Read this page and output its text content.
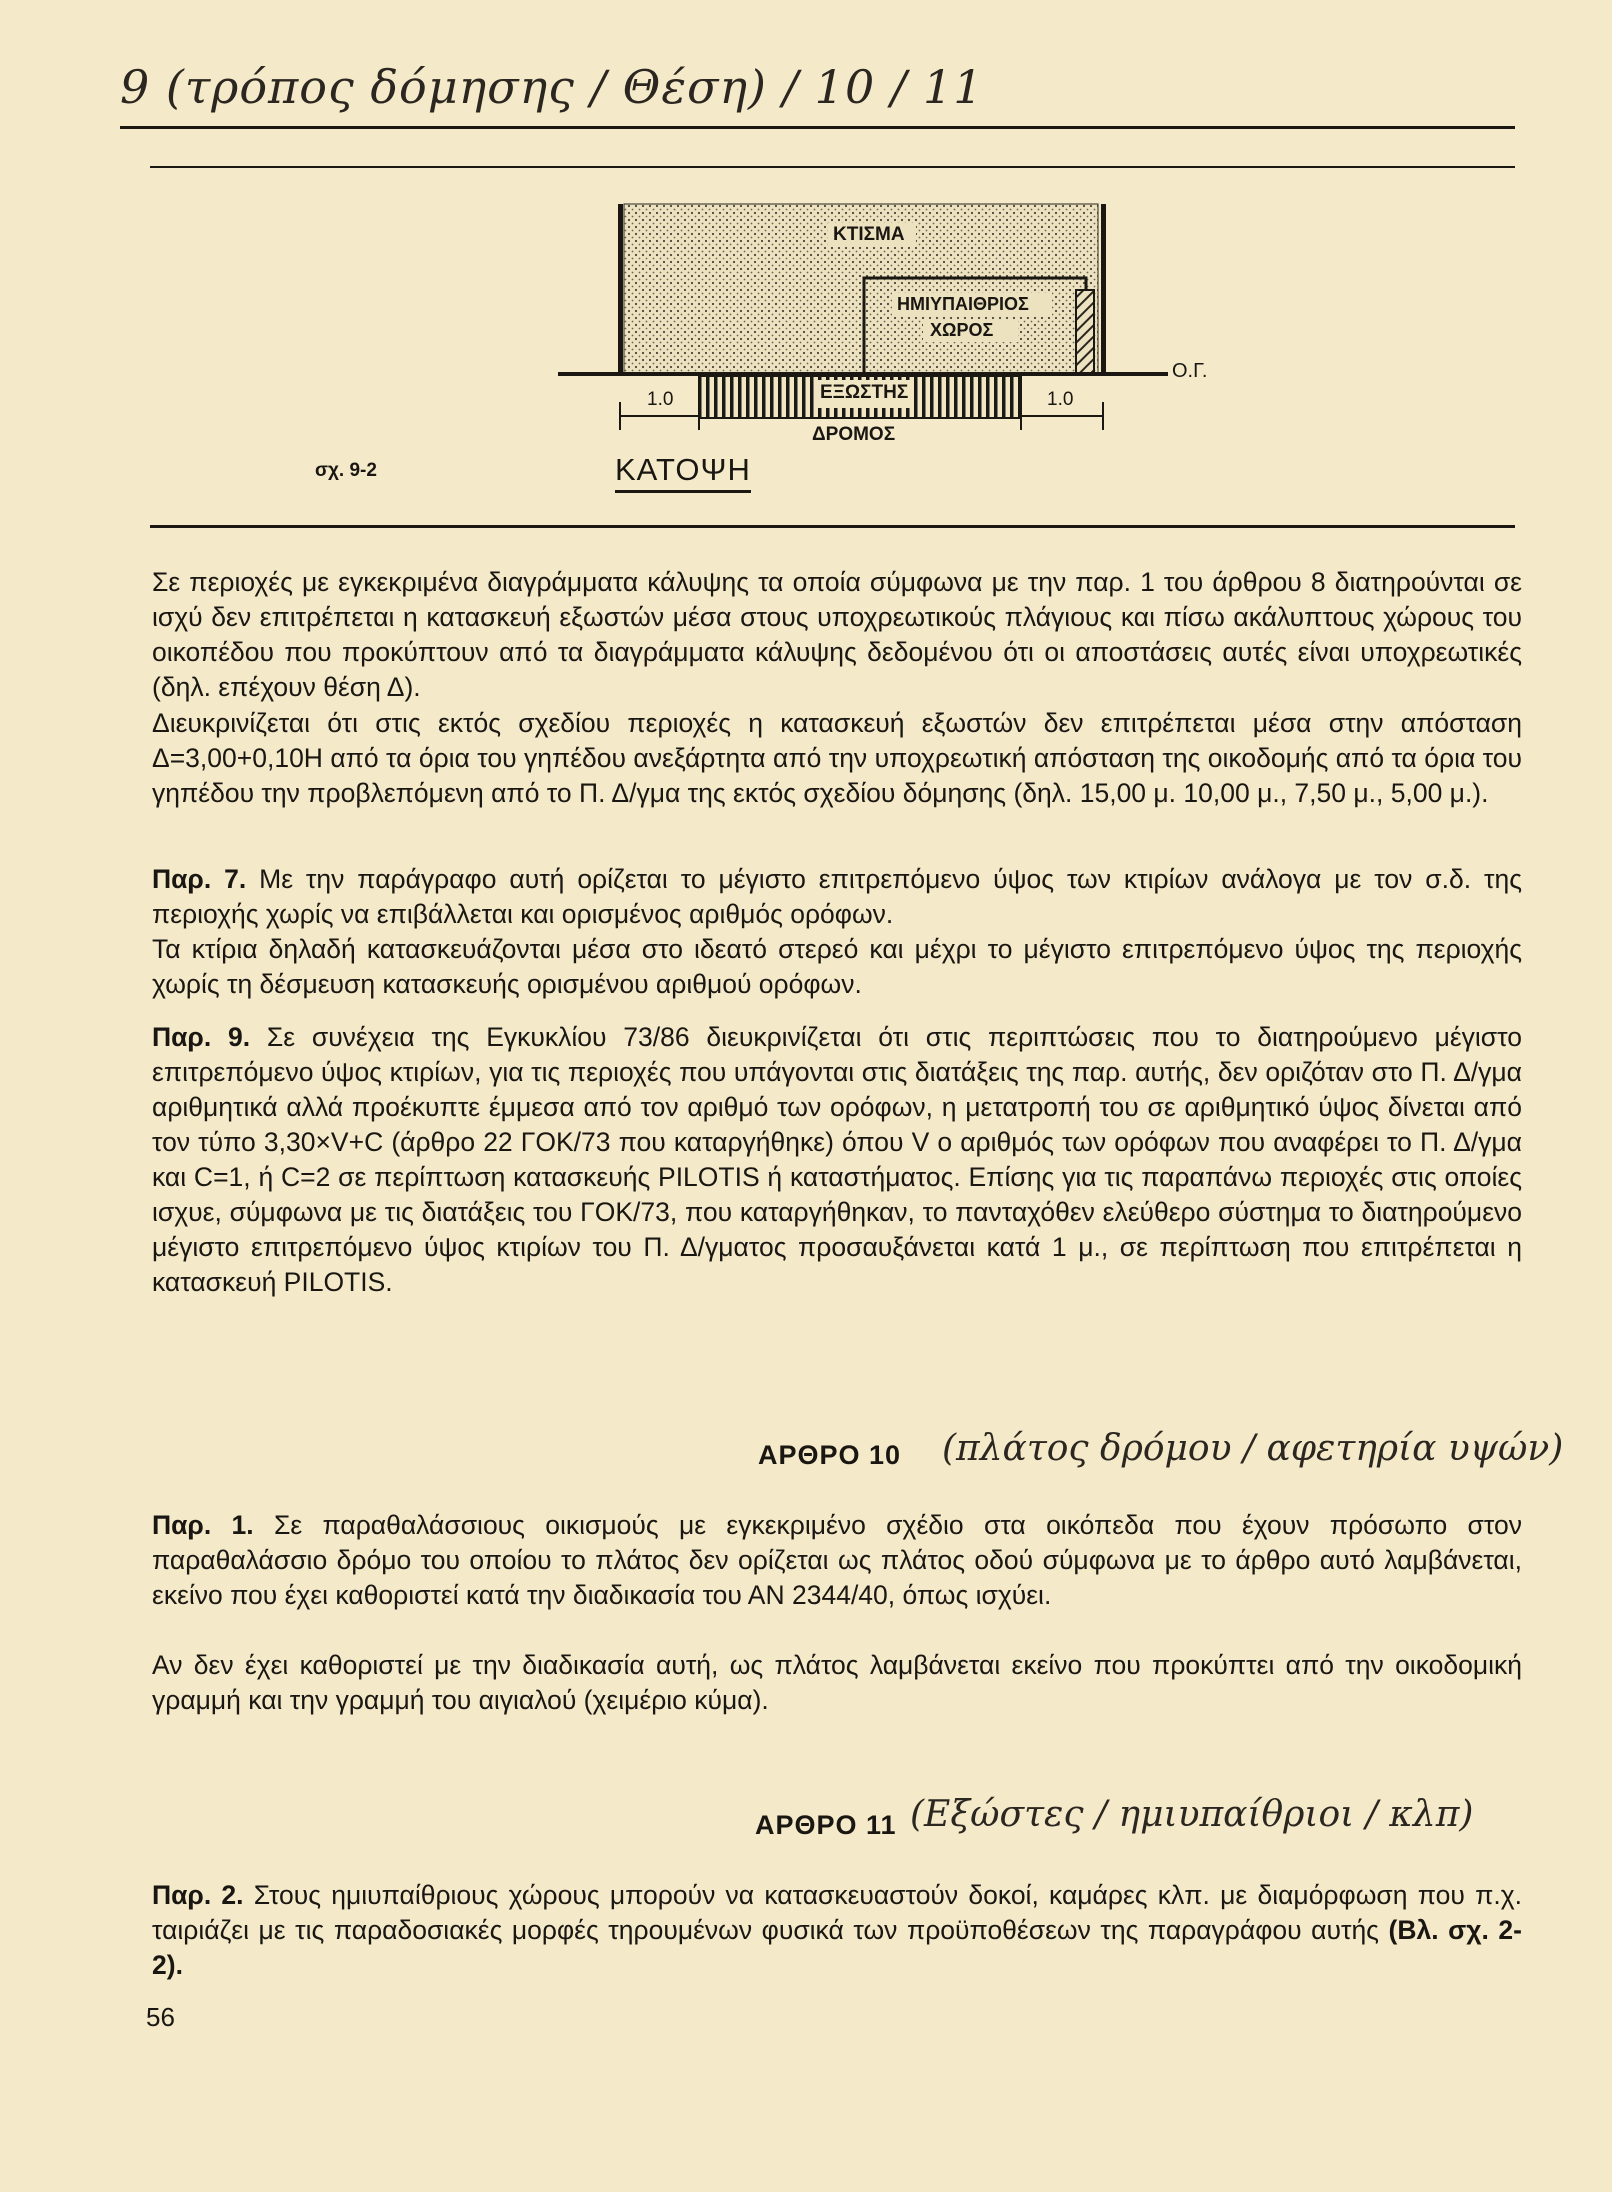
9 (τρόπος δόμησης / Θέση) / 10 / 11
ΚΤΙΣΜΑ
ΗΜΙΥΠΑΙΘΡΙΟΣ
ΧΩΡΟΣ
ΕΞΩΣΤΗΣ
Ο.Γ.
1.0	1.0
ΔΡΟΜΟΣ
σχ. 9-2	ΚΑΤΟΨΗ

Σε περιοχές με εγκεκριμένα διαγράμματα κάλυψης τα οποία σύμφωνα με την παρ. 1 του άρθρου 8 διατηρούνται σε ισχύ δεν επιτρέπεται η κατασκευή εξωστών μέσα στους υποχρεωτικούς πλάγιους και πίσω ακάλυπτους χώρους του οικοπέδου που προκύπτουν από τα διαγράμματα κάλυψης δεδομένου ότι οι αποστάσεις αυτές είναι υποχρεωτικές (δηλ. επέχουν θέση Δ).

Διευκρινίζεται ότι στις εκτός σχεδίου περιοχές η κατασκευή εξωστών δεν επιτρέπεται μέσα στην απόσταση Δ=3,00+0,10Η από τα όρια του γηπέδου ανεξάρτητα από την υποχρεωτική απόσταση της οικοδομής από τα όρια του γηπέδου την προβλεπόμενη από το Π. Δ/γμα της εκτός σχεδίου δόμησης (δηλ. 15,00 μ. 10,00 μ., 7,50 μ., 5,00 μ.).

Παρ. 7. Με την παράγραφο αυτή ορίζεται το μέγιστο επιτρεπόμενο ύψος των κτιρίων ανάλογα με τον σ.δ. της περιοχής χωρίς να επιβάλλεται και ορισμένος αριθμός ορόφων.

Τα κτίρια δηλαδή κατασκευάζονται μέσα στο ιδεατό στερεό και μέχρι το μέγιστο επιτρεπόμενο ύψος της περιοχής χωρίς τη δέσμευση κατασκευής ορισμένου αριθμού ορόφων.

Παρ. 9. Σε συνέχεια της Εγκυκλίου 73/86 διευκρινίζεται ότι στις περιπτώσεις που το διατηρούμενο μέγιστο επιτρεπόμενο ύψος κτιρίων, για τις περιοχές που υπάγονται στις διατάξεις της παρ. αυτής, δεν οριζόταν στο Π. Δ/γμα αριθμητικά αλλά προέκυπτε έμμεσα από τον αριθμό των ορόφων, η μετατροπή του σε αριθμητικό ύψος δίνεται από τον τύπο 3,30×V+C (άρθρο 22 ΓΟΚ/73 που καταργήθηκε) όπου V ο αριθμός των ορόφων που αναφέρει το Π. Δ/γμα και C=1, ή C=2 σε περίπτωση κατασκευής PILOTIS ή καταστήματος. Επίσης για τις παραπάνω περιοχές στις οποίες ισχυε, σύμφωνα με τις διατάξεις του ΓΟΚ/73, που καταργήθηκαν, το πανταχόθεν ελεύθερο σύστημα το διατηρούμενο μέγιστο επιτρεπόμενο ύψος κτιρίων του Π. Δ/γματος προσαυξάνεται κατά 1 μ., σε περίπτωση που επιτρέπεται η κατασκευή PILOTIS.

ΑΡΘΡΟ 10 (πλάτος δρόμου / αφετηρία υψών)

Παρ. 1. Σε παραθαλάσσιους οικισμούς με εγκεκριμένο σχέδιο στα οικόπεδα που έχουν πρόσωπο στον παραθαλάσσιο δρόμο του οποίου το πλάτος δεν ορίζεται ως πλάτος οδού σύμφωνα με το άρθρο αυτό λαμβάνεται, εκείνο που έχει καθοριστεί κατά την διαδικασία του ΑΝ 2344/40, όπως ισχύει.

Αν δεν έχει καθοριστεί με την διαδικασία αυτή, ως πλάτος λαμβάνεται εκείνο που προκύπτει από την οικοδομική γραμμή και την γραμμή του αιγιαλού (χειμέριο κύμα).

ΑΡΘΡΟ 11 (Εξώστες / ημιυπαίθριοι / κλπ)

Παρ. 2. Στους ημιυπαίθριους χώρους μπορούν να κατασκευαστούν δοκοί, καμάρες κλπ. με διαμόρφωση που π.χ. ταιριάζει με τις παραδοσιακές μορφές τηρουμένων φυσικά των προϋποθέσεων της παραγράφου αυτής (Βλ. σχ. 2-2).

56
